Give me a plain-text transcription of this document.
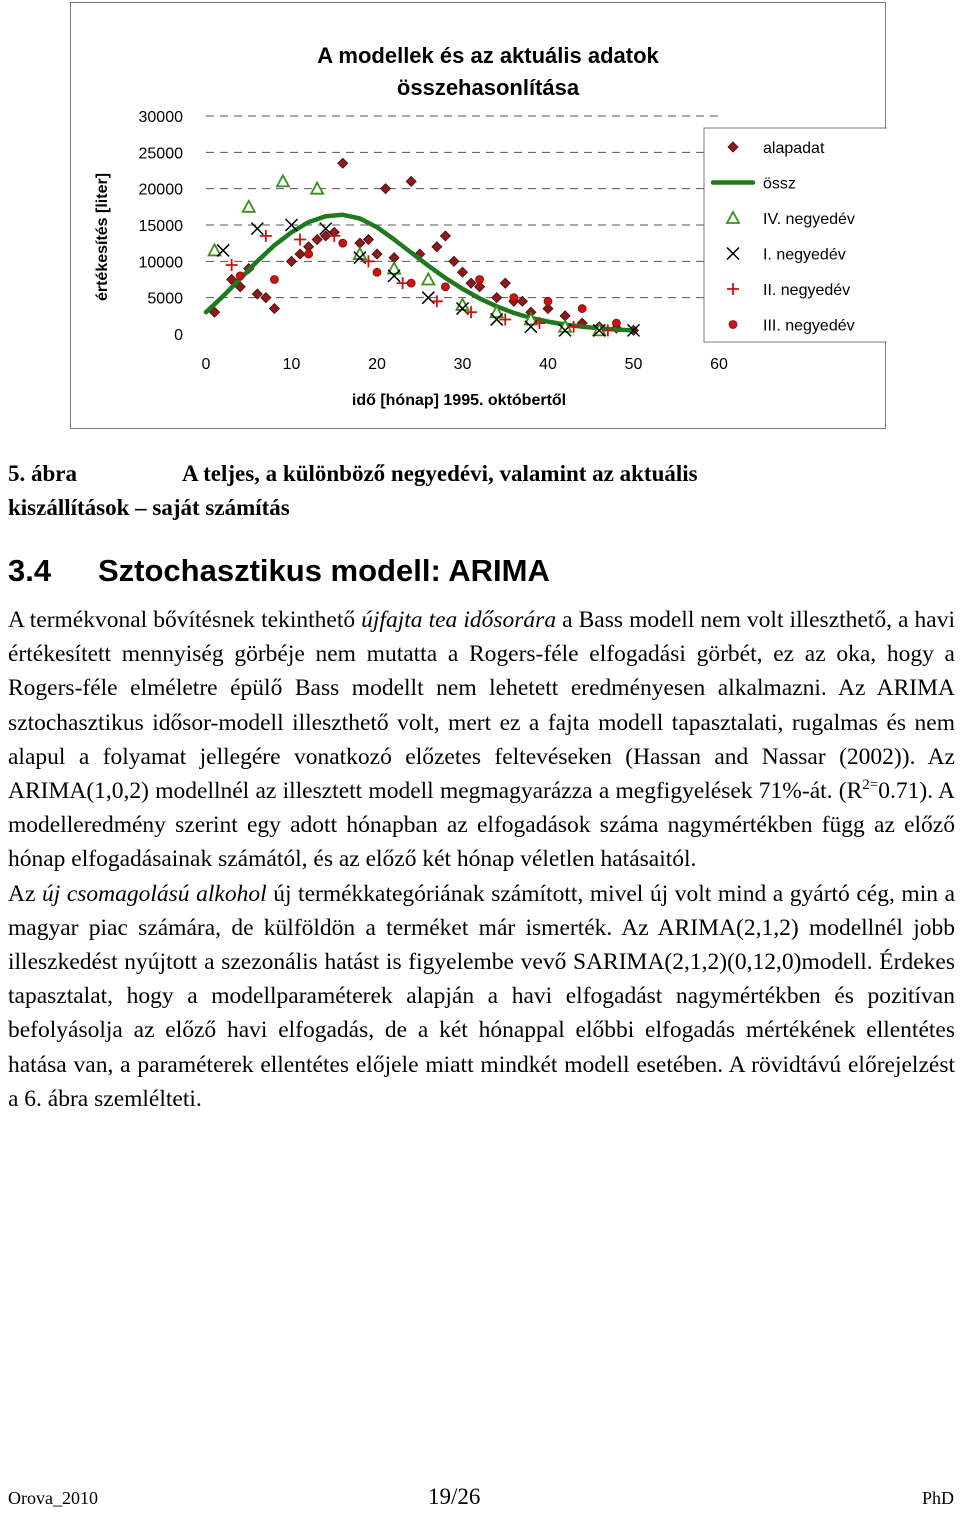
A modellek és az aktuális adatok
összehasonlítása
30000
25000
20000
15000
10000
5000
0
0	10	20	30	40	50	60
értékesítés [liter]
idő [hónap] 1995. októbertől
alapadat
össz
IV. negyedév
I. negyedév
II. negyedév
III. negyedév
5. ábra	A teljes, a különböző negyedévi, valamint az aktuális
kiszállítások – saját számítás
3.4 Sztochasztikus modell: ARIMA

A termékvonal bővítésnek tekinthető újfajta tea idősorára a Bass modell nem volt illeszthető, a havi értékesített mennyiség görbéje nem mutatta a Rogers-féle elfogadási görbét, ez az oka, hogy a Rogers-féle elméletre épülő Bass modellt nem lehetett eredményesen alkalmazni. Az ARIMA sztochasztikus idősor-modell illeszthető volt, mert ez a fajta modell tapasztalati, rugalmas és nem alapul a folyamat jellegére vonatkozó előzetes feltevéseken (Hassan and Nassar (2002)). Az ARIMA(1,0,2) modellnél az illesztett modell megmagyarázza a megfigyelések 71%-át. $(R^{2=}0.71)$. A modelleredmény szerint egy adott hónapban az elfogadások száma nagymértékben függ az előző hónap elfogadásainak számától, és az előző két hónap véletlen hatásaitól.

Az új csomagolású alkohol új termékkategóriának számított, mivel új volt mind a gyártó cég, min a magyar piac számára, de külföldön a terméket már ismerték. Az ARIMA(2,1,2) modellnél jobb illeszkedést nyújtott a szezonális hatást is figyelembe vevő SARIMA(2,1,2)(0,12,0)modell. Érdekes tapasztalat, hogy a modellparaméterek alapján a havi elfogadást nagymértékben és pozitívan befolyásolja az előző havi elfogadás, de a két hónappal előbbi elfogadás mértékének ellentétes hatása van, a paraméterek ellentétes előjele miatt mindkét modell esetében. A rövidtávú előrejelzést a 6. ábra szemlélteti.

Orova_2010	19/26	PhD
